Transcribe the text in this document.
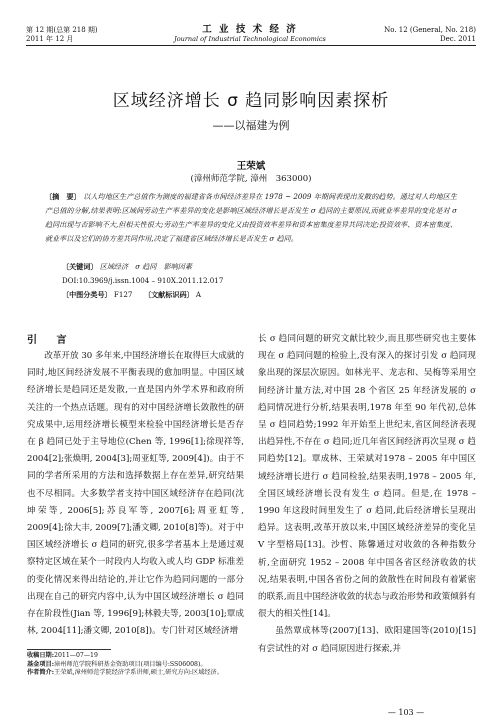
第 12 期(总第 218 期)
2011 年 12 月
工 业 技 术 经 济
Journal of Industrial Technological Economics
No. 12 (General, No. 218)
Dec. 2011
区域经济增长 σ 趋同影响因素探析
——以福建为例
王荣斌
(漳州师范学院, 漳州　363000)
〔摘　要〕 以人均地区生产总值作为测度的福建省各市间经济差异在 1978 ~ 2009 年期间表现出发散的趋势。通过对人均地区生产总值的分解,结果表明:区域间劳动生产率差异的变化是影响区域经济增长是否发生 σ 趋同的主要原因,而就业率差异的变化是对 σ 趋同出现与否影响不大,但相关性很大;劳动生产率差异的变化又由投资效率差异和资本密集度差异共同决定;投资效率、资本密集度、就业率以及它们的协方差共同作用,决定了福建省区域经济增长是否发生 σ 趋同。
〔关键词〕 区域经济　σ 趋同　影响因素
DOI:10.3969/j.issn.1004 – 910X.2011.12.017
〔中图分类号〕 F127   〔文献标识码〕 A
引 言

改革开放 30 多年来,中国经济增长在取得巨大成就的同时,地区间经济发展不平衡表现的愈加明显。中国区域经济增长是趋同还是发散,一直是国内外学术界和政府所关注的一个热点话题。现有的对中国经济增长敛散性的研究成果中,运用经济增长模型来检验中国经济增长是否存在 β 趋同已处于主导地位(Chen 等, 1996[1];徐现祥等, 2004[2];张焕明, 2004[3];周亚虹等, 2009[4])。由于不同的学者所采用的方法和选择数据上存在差异,研究结果也不尽相同。大多数学者支持中国区域经济存在趋同(沈坤荣等, 2006[5];苏良军等, 2007[6];周亚虹等, 2009[4];徐大丰, 2009[7];潘文卿, 2010[8]等)。对于中国区域经济增长 σ 趋同的研究,很多学者基本上是通过观察特定区域在某个一时段内人均收入或人均 GDP 标准差的变化情况来得出结论的,并让它作为趋同问题的一部分出现在自己的研究内容中,认为中国区域经济增长 σ 趋同存在阶段性(Jian 等, 1996[9];林毅夫等, 2003[10];覃成林, 2004[11];潘文卿, 2010[8])。专门针对区域经济增

长 σ 趋同问题的研究文献比较少,而且那些研究也主要体现在 σ 趋同问题的检验上,没有深入的探讨引发 σ 趋同现象出现的深层次原因。如林光平、龙志和、吴梅等采用空间经济计量方法,对中国 28 个省区 25 年经济发展的 σ 趋同情况进行分析,结果表明,1978 年至 90 年代初,总体呈 σ 趋同趋势;1992 年开始至上世纪末,省区间经济表现出趋异性,不存在 σ 趋同;近几年省区间经济再次呈现 σ 趋同趋势[12]。覃成林、王荣斌对1978 – 2005 年中国区域经济增长进行 σ 趋同检验,结果表明,1978 – 2005 年,全国区域经济增长没有发生 σ 趋同。但是,在 1978 – 1990 年这段时间里发生了 σ 趋同,此后经济增长呈现出趋异。这表明,改革开放以来,中国区域经济差异的变化呈 V 字型格局[13]。沙哲、陈馨通过对收敛的各种指数分析,全面研究 1952 – 2008 年中国各省区经济收敛的状况,结果表明,中国各省份之间的敛散性在时间段有着紧密的联系,而且中国经济收敛的状态与政治形势和政策倾斜有很大的相关性[14]。

虽然覃成林等(2007)[13]、欧阳建国等(2010)[15]有尝试性的对 σ 趋同原因进行探索,并

收稿日期:2011—07—19
基金项目:漳州师范学院科研基金资助项目(项目编号:SS06008)。
作者简介:王荣斌,漳州师范学院经济学系讲师,硕士,研究方向:区域经济。
— 103 —
